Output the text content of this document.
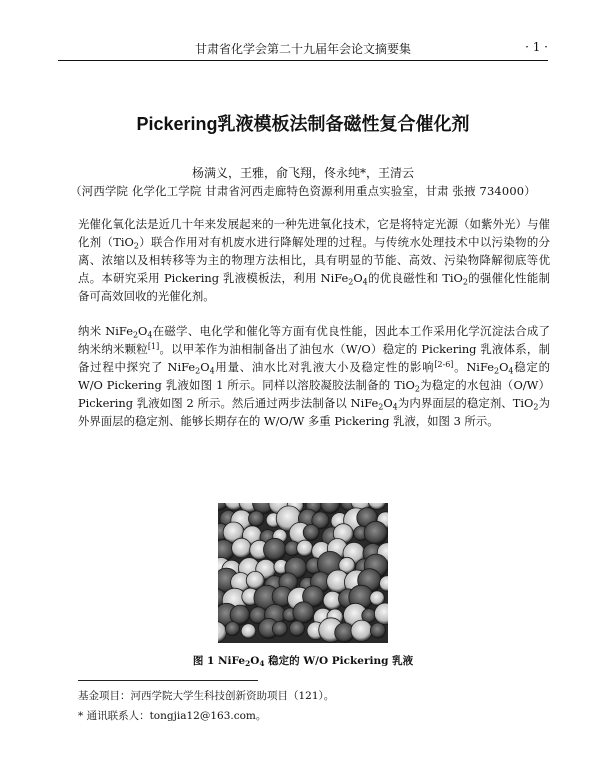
甘肃省化学会第二十九届年会论文摘要集	· 1 ·
Pickering乳液模板法制备磁性复合催化剂
杨满义，王雅，俞飞翔，佟永纯*，王清云
（河西学院 化学化工学院 甘肃省河西走廊特色资源利用重点实验室，甘肃 张掖 734000）
光催化氧化法是近几十年来发展起来的一种先进氧化技术，它是将特定光源（如紫外光）与催化剂（TiO$_2$）联合作用对有机废水进行降解处理的过程。与传统水处理技术中以污染物的分离、浓缩以及相转移等为主的物理方法相比，具有明显的节能、高效、污染物降解彻底等优点。本研究采用 Pickering 乳液模板法，利用 $NiFe_2O_4$的优良磁性和 TiO$_2$的强催化性能制备可高效回收的光催化剂。
纳米 $NiFe_2O_4$在磁学、电化学和催化等方面有优良性能，因此本工作采用化学沉淀法合成了纳米纳米颗粒[1]。以甲苯作为油相制备出了油包水（W/O）稳定的 Pickering 乳液体系，制备过程中探究了 $NiFe_2O_4$用量、油水比对乳液大小及稳定性的影响[2-6]。$NiFe_2O_4$稳定的 W/O Pickering 乳液如图 1 所示。同样以溶胶凝胶法制备的 TiO$_2$为稳定的水包油（O/W）Pickering 乳液如图 2 所示。然后通过两步法制备以 $NiFe_2O_4$为内界面层的稳定剂、TiO$_2$为外界面层的稳定剂、能够长期存在的 W/O/W 多重 Pickering 乳液，如图 3 所示。
图 1 $NiFe_2O_4$ 稳定的 W/O Pickering 乳液
基金项目：河西学院大学生科技创新资助项目（121）。
* 通讯联系人：tongjia12@163.com。
